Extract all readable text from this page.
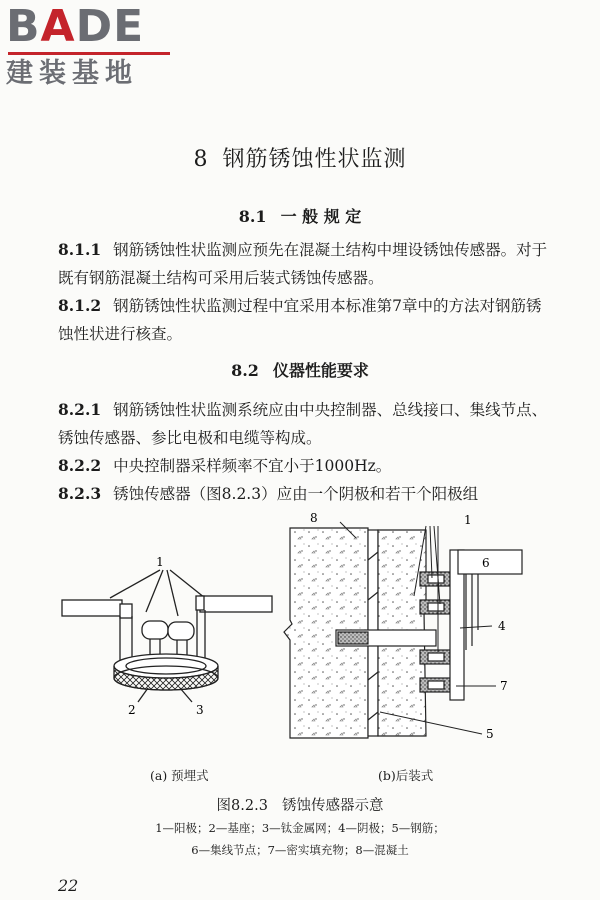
BADE
建装基地
8 钢筋锈蚀性状监测
8.1 一 般 规 定

8.1.1 钢筋锈蚀性状监测应预先在混凝土结构中埋设锈蚀传感器。对于既有钢筋混凝土结构可采用后装式锈蚀传感器。

8.1.2 钢筋锈蚀性状监测过程中宜采用本标准第7章中的方法对钢筋锈蚀性状进行核查。

8.2 仪器性能要求

8.2.1 钢筋锈蚀性状监测系统应由中央控制器、总线接口、集线节点、锈蚀传感器、参比电极和电缆等构成。

8.2.2 中央控制器采样频率不宜小于1000Hz。

8.2.3 锈蚀传感器（图8.2.3）应由一个阴极和若干个阳极组

1
2	3
8	1
6
4
7
5
(a) 预埋式	(b)后装式
图8.2.3 锈蚀传感器示意
1—阳极；2—基座；3—钛金属网；4—阴极；5—钢筋；
6—集线节点；7—密实填充物；8—混凝土
22
